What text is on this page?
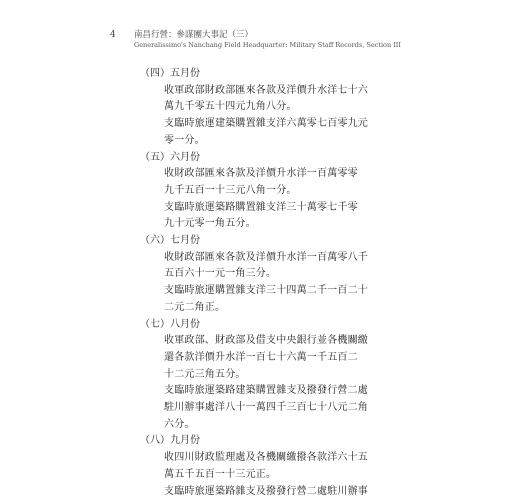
4 南昌行營：參謀團大事記（三）
Generalissimo's Nanchang Field Headquarter: Military Staff Records, Section III
（四）五月份
收軍政部財政部匯來各款及洋價升水洋七十六
萬九千零五十四元九角八分。
支臨時旅運建築購置雜支洋六萬零七百零九元
零一分。
（五）六月份
收財政部匯來各款及洋價升水洋一百萬零零
九千五百一十三元八角一分。
支臨時旅運築路購置雜支洋三十萬零七千零
九十元零一角五分。
（六）七月份
收財政部匯來各款及洋價升水洋一百萬零八千
五百六十一元一角三分。
支臨時旅運購置雜支洋三十四萬二千一百二十
二元二角正。
（七）八月份
收軍政部、財政部及借支中央銀行並各機關繳
還各款洋價升水洋一百七十六萬一千五百二
十二元三角五分。
支臨時旅運築路建築購置雜支及撥發行營二處
駐川辦事處洋八十一萬四千三百七十八元二角
六分。
（八）九月份
收四川財政監理處及各機關繳撥各款洋六十五
萬五千五百一十三元正。
支臨時旅運築路雜支及撥發行營二處駐川辦事
